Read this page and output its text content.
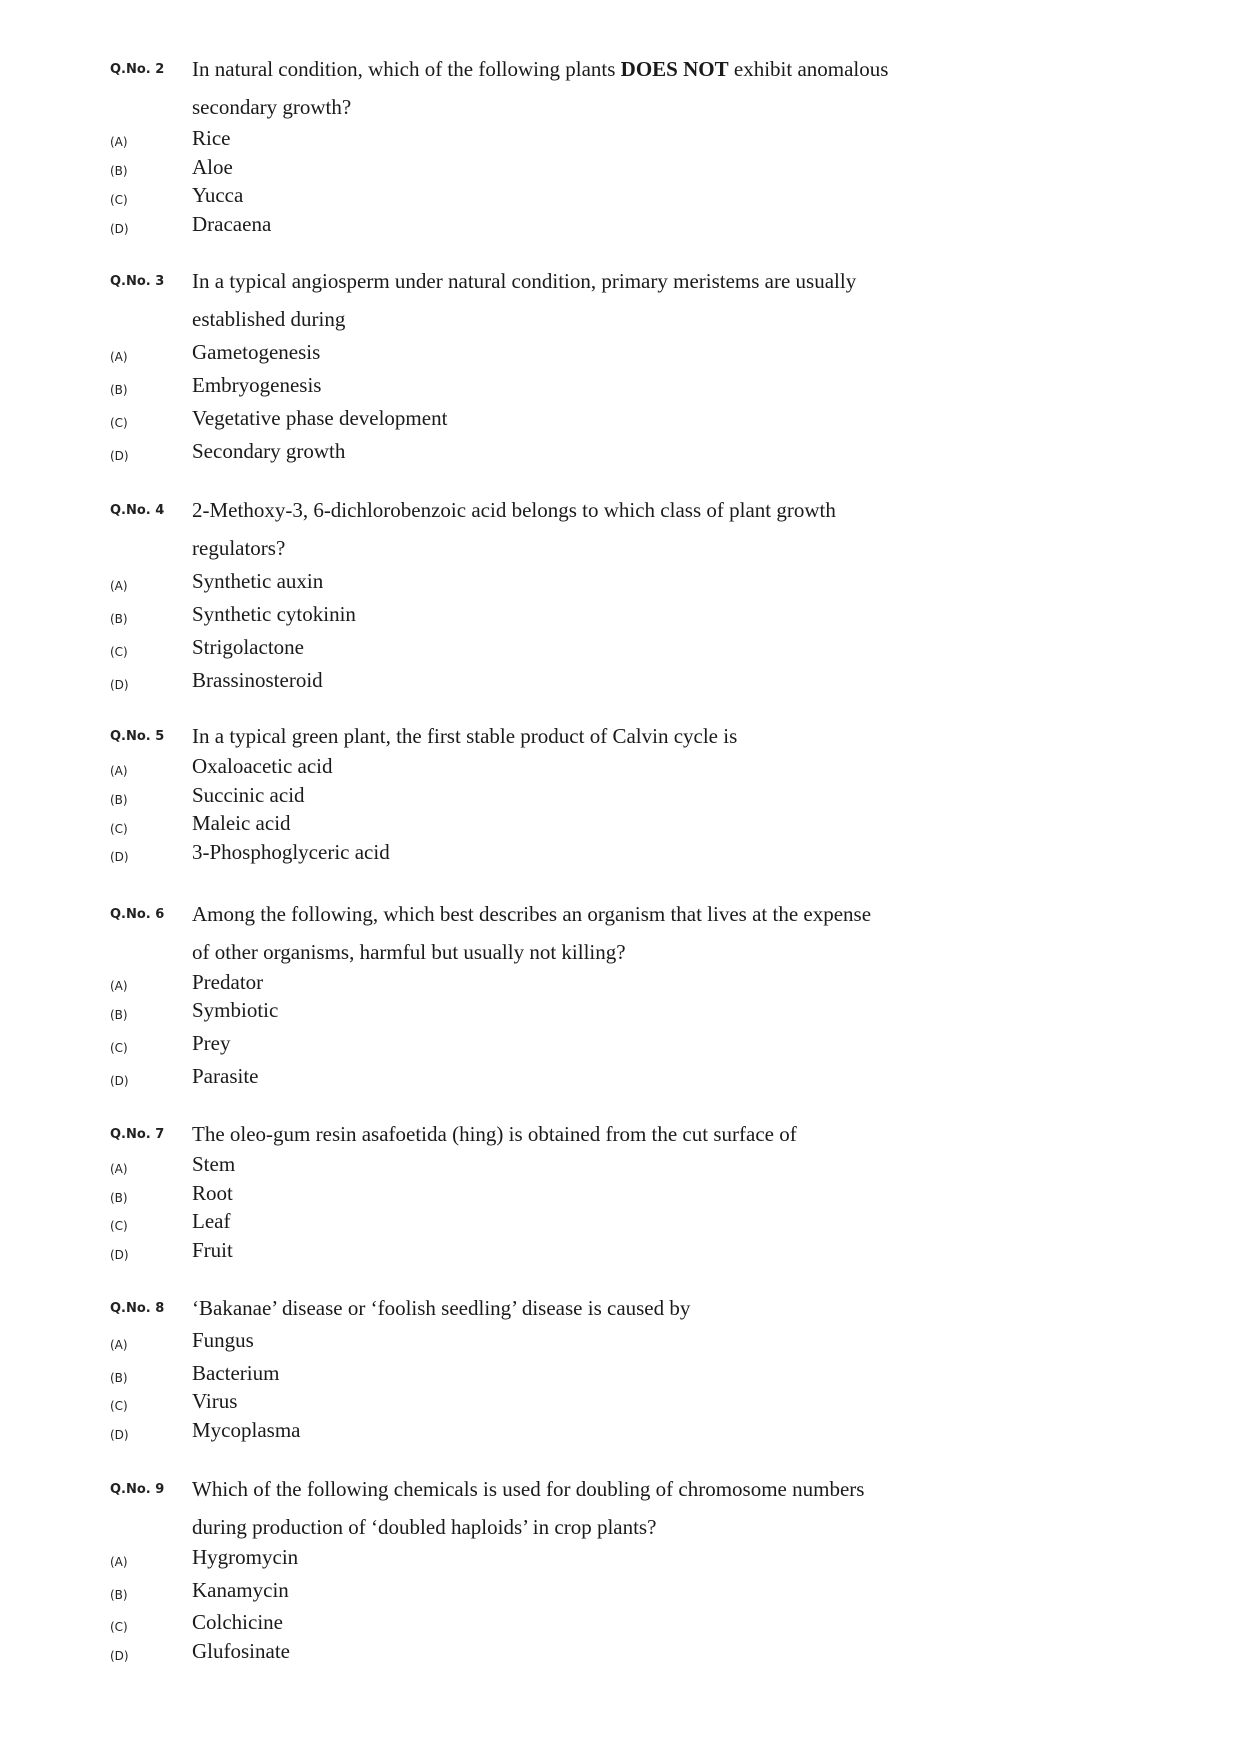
Q.No. 2 In natural condition, which of the following plants DOES NOT exhibit anomalous secondary growth?
(A)	Rice
(B)	Aloe
(C)	Yucca
(D)	Dracaena
Q.No. 3 In a typical angiosperm under natural condition, primary meristems are usually
established during
(A)	Gametogenesis
(B)	Embryogenesis
(C)	Vegetative phase development
(D)	Secondary growth
Q.No. 4 2-Methoxy-3, 6-dichlorobenzoic acid belongs to which class of plant growth
regulators?
(A)	Synthetic auxin
(B)	Synthetic cytokinin
(C)	Strigolactone
(D)	Brassinosteroid
Q.No. 5 In a typical green plant, the first stable product of Calvin cycle is
(A)	Oxaloacetic acid
(B)	Succinic acid
(C)	Maleic acid
(D)	3-Phosphoglyceric acid
Q.No. 6 Among the following, which best describes an organism that lives at the expense
of other organisms, harmful but usually not killing?
(A)	Predator
(B)	Symbiotic
(C)	Prey
(D)	Parasite
Q.No. 7 The oleo-gum resin asafoetida (hing) is obtained from the cut surface of
(A)	Stem
(B)	Root
(C)	Leaf
(D)	Fruit
Q.No. 8 ‘Bakanae’ disease or ‘foolish seedling’ disease is caused by
(A)	Fungus
(B)	Bacterium
(C)	Virus
(D)	Mycoplasma
Q.No. 9 Which of the following chemicals is used for doubling of chromosome numbers
during production of ‘doubled haploids’ in crop plants?
(A)	Hygromycin
(B)	Kanamycin
(C)	Colchicine
(D)	Glufosinate
